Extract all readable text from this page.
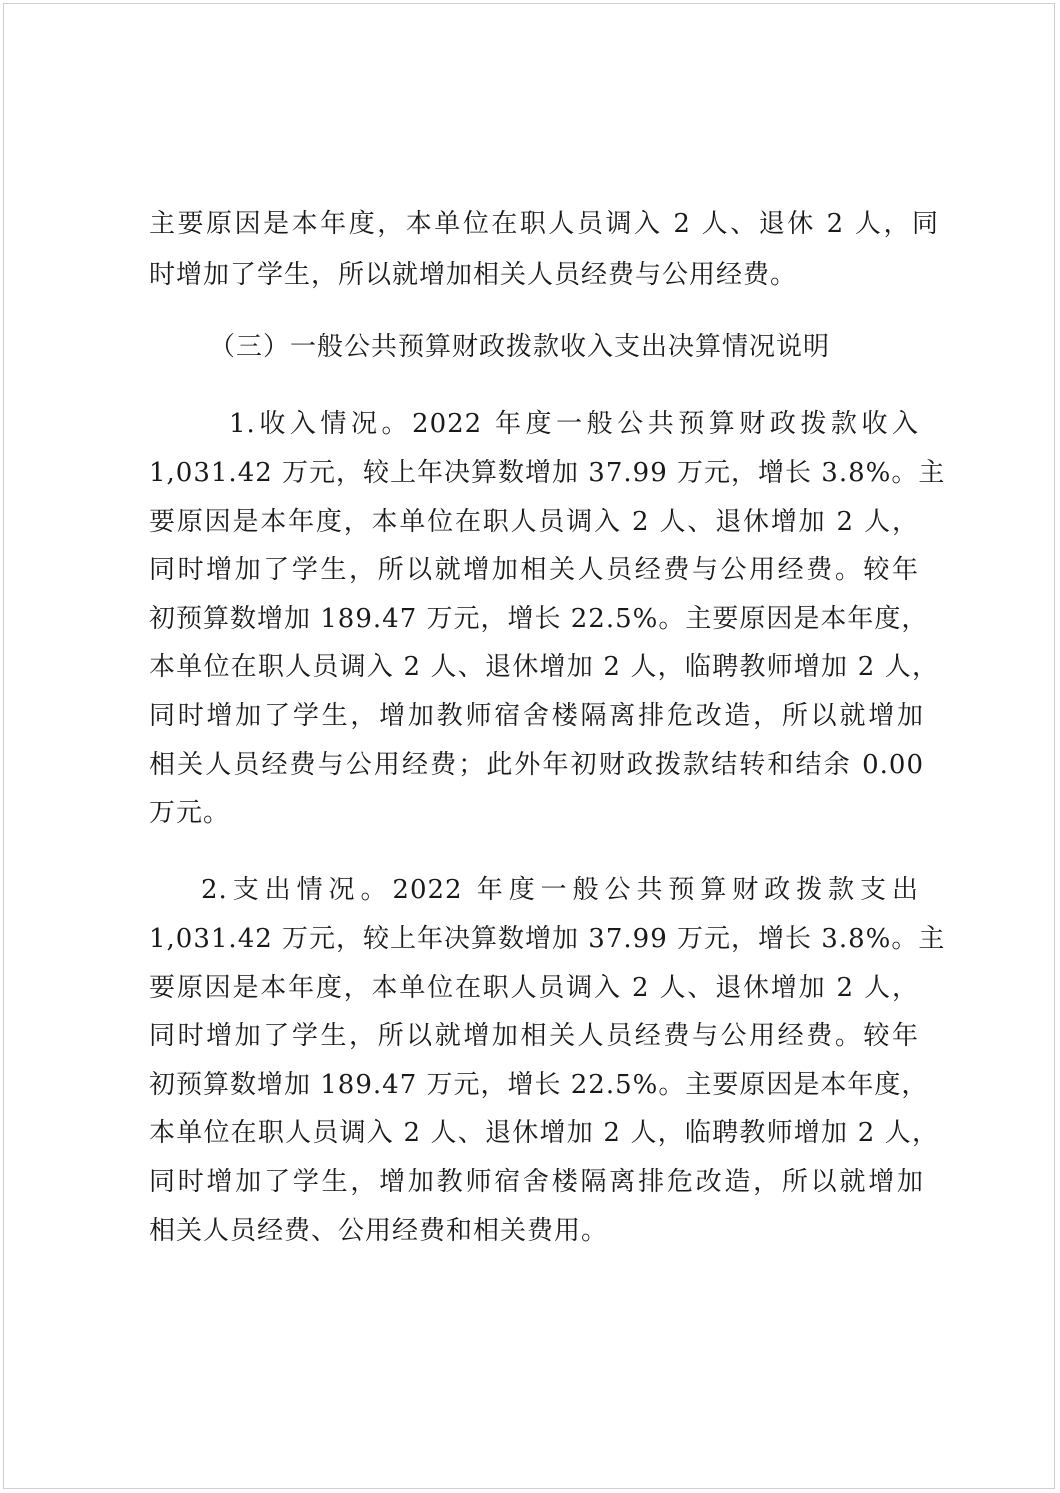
主要原因是本年度，本单位在职人员调入 2 人、退休 2 人，同
时增加了学生，所以就增加相关人员经费与公用经费。
（三）一般公共预算财政拨款收入支出决算情况说明
1.收入情况。2022 年度一般公共预算财政拨款收入
1,031.42 万元，较上年决算数增加 37.99 万元，增长 3.8%。主
要原因是本年度，本单位在职人员调入 2 人、退休增加 2 人，
同时增加了学生，所以就增加相关人员经费与公用经费。较年
初预算数增加 189.47 万元，增长 22.5%。主要原因是本年度，
本单位在职人员调入 2 人、退休增加 2 人，临聘教师增加 2 人，
同时增加了学生，增加教师宿舍楼隔离排危改造，所以就增加
相关人员经费与公用经费；此外年初财政拨款结转和结余 0.00
万元。
2.支出情况。2022 年度一般公共预算财政拨款支出
1,031.42 万元，较上年决算数增加 37.99 万元，增长 3.8%。主
要原因是本年度，本单位在职人员调入 2 人、退休增加 2 人，
同时增加了学生，所以就增加相关人员经费与公用经费。较年
初预算数增加 189.47 万元，增长 22.5%。主要原因是本年度，
本单位在职人员调入 2 人、退休增加 2 人，临聘教师增加 2 人，
同时增加了学生，增加教师宿舍楼隔离排危改造，所以就增加
相关人员经费、公用经费和相关费用。
